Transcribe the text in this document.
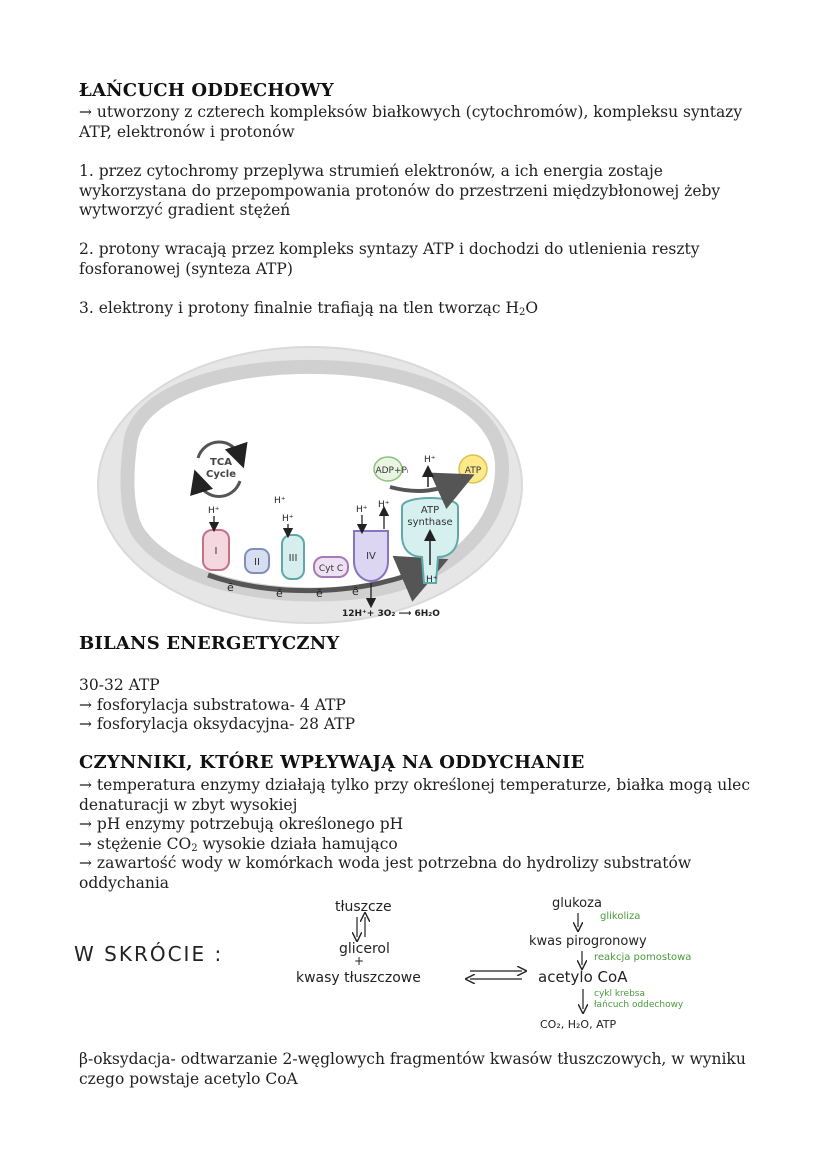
ŁAŃCUCH ODDECHOWY

→ utworzony z czterech kompleksów białkowych (cytochromów), kompleksu syntazy

ATP, elektronów i protonów

1. przez cytochromy przeplywa strumień elektronów, a ich energia zostaje

wykorzystana do przepompowania protonów do przestrzeni międzybłonowej żeby

wytworzyć gradient stężeń

2. protony wracają przez kompleks syntazy ATP i dochodzi do utlenienia reszty

fosforanowej (synteza ATP)

3. elektrony i protony finalnie trafiają na tlen tworząc $H_2O$

TCA
Cycle
I
II	III
Cyt C
IV
ATP
synthase
ADP+Pᵢ	ATP
H⁺
H⁺
H⁺
H⁺ H⁺
H⁺
H⁺
ē	ē	ē	ē
12H⁺+ 3O₂ ⟶ 6H₂O
BILANS ENERGETYCZNY

30-32 ATP

→ fosforylacja substratowa- 4 ATP

→ fosforylacja oksydacyjna- 28 ATP

CZYNNIKI, KTÓRE WPŁYWAJĄ NA ODDYCHANIE

→ temperatura enzymy działają tylko przy określonej temperaturze, białka mogą ulec

denaturacji w zbyt wysokiej

→ pH enzymy potrzebują określonego pH

→ stężenie $CO_2$ wysokie działa hamująco

→ zawartość wody w komórkach woda jest potrzebna do hydrolizy substratów

oddychania

W SKRÓCIE :
tłuszcze
glicerol
+
kwasy tłuszczowe
glukoza
glikoliza
kwas pirogronowy
reakcja pomostowa
acetylo CoA
cykl krebsa
łańcuch oddechowy
CO₂, H₂O, ATP

β-oksydacja- odtwarzanie 2-węglowych fragmentów kwasów tłuszczowych, w wyniku

czego powstaje acetylo CoA
